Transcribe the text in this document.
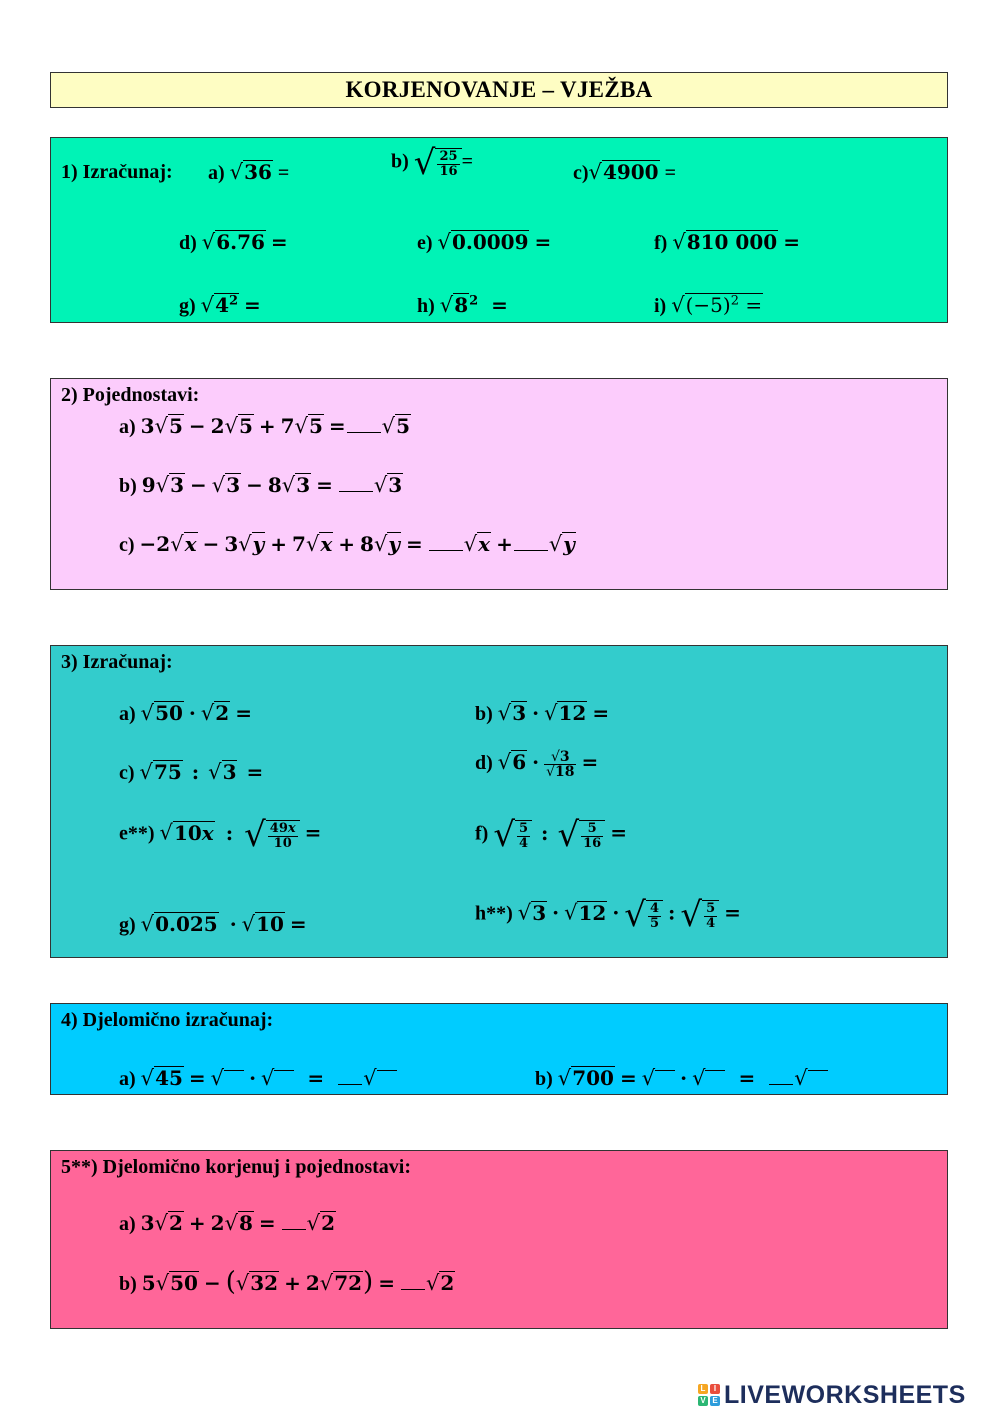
KORJENOVANJE – VJEŽBA
1) Izračunaj: a) √36 =
b) √ $\frac{25}{16}$ =
c)√4900 =
d) √6.76 =	e) √0.0009 =	f) √810 000 =
g) $√4^2$ =	h) $√8^2$ =	i) $√(-5)^2$ =
2) Pojednostavi:
a) 3√5 − 2√5 + 7√5 = √5
b) 9√3 − √3 − 8√3 = √3
c) −2√x − 3√y + 7√x + 8√y = √x + √y
3) Izračunaj:
a) √50 · √2 =	b) √3 · √12 =
c) √75 : √3 =	d) $√6 \cdot \frac{√3}{√18}$ =
e**) √10x : √ $\frac{49x}{10}$ =	f) √ $\frac{5}{4}$ : √ $\frac{5}{16}$ =
g) √0.025 · √10 =	h**) √3 · √12 · √ $\frac{4}{5}$ : √ $\frac{5}{4}$ =
4) Djelomično izračunaj:
a) √45 = √ · √ = √	b) √700 = √ · √ = √
5**) Djelomično korjenuj i pojednostavi:
a) 3√2 + 2√8 = √2
b) 5√50 − (√32 + 2√72) = √2
L	I
V E LIVEWORKSHEETS
